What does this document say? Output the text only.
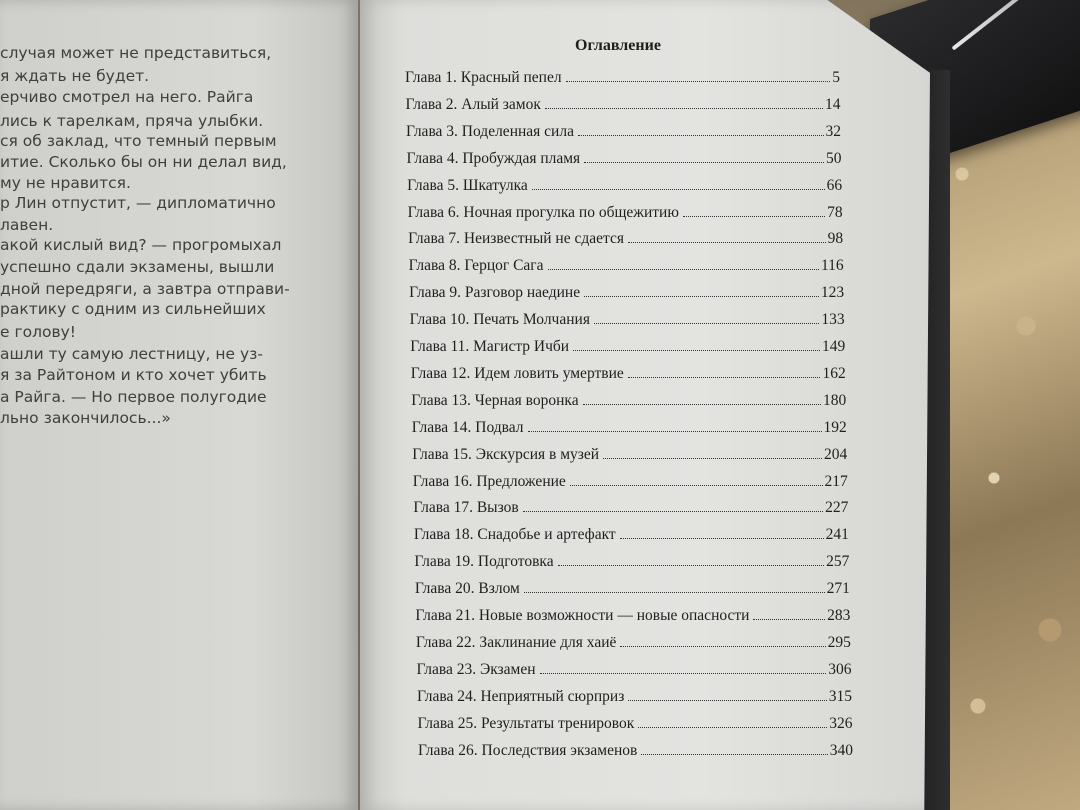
случая может не представиться,
я ждать не будет.
ерчиво смотрел на него. Райга
лись к тарелкам, пряча улыбки.
ся об заклад, что темный первым
итие. Сколько бы он ни делал вид,
му не нравится.
р Лин отпустит, — дипломатично
лавен.
акой кислый вид? — прогромыхал
успешно сдали экзамены, вышли
дной передряги, а завтра отправи-
рактику с одним из сильнейших
е голову!
ашли ту самую лестницу, не уз-
я за Райтоном и кто хочет убить
а Райга. — Но первое полугодие
льно закончилось...»
Оглавление
Глава 1. Красный пепел	5
Глава 2. Алый замок	14
Глава 3. Поделенная сила	32
Глава 4. Пробуждая пламя	50
Глава 5. Шкатулка	66
Глава 6. Ночная прогулка по общежитию	78
Глава 7. Неизвестный не сдается	98
Глава 8. Герцог Сага	116
Глава 9. Разговор наедине	123
Глава 10. Печать Молчания	133
Глава 11. Магистр Ичби	149
Глава 12. Идем ловить умертвие	162
Глава 13. Черная воронка	180
Глава 14. Подвал	192
Глава 15. Экскурсия в музей	204
Глава 16. Предложение	217
Глава 17. Вызов	227
Глава 18. Снадобье и артефакт	241
Глава 19. Подготовка	257
Глава 20. Взлом	271
Глава 21. Новые возможности — новые опасности	283
Глава 22. Заклинание для хаиё	295
Глава 23. Экзамен	306
Глава 24. Неприятный сюрприз	315
Глава 25. Результаты тренировок	326
Глава 26. Последствия экзаменов	340
